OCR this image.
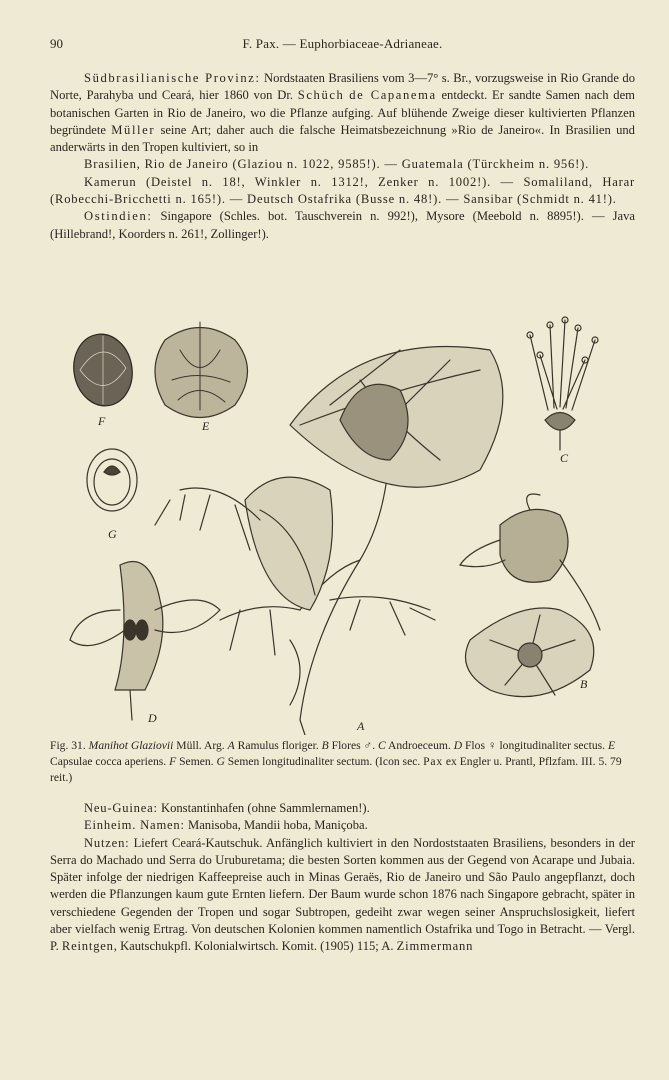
90	F. Pax. — Euphorbiaceae-Adrianeae.

Südbrasilianische Provinz: Nordstaaten Brasiliens vom 3—7° s. Br., vorzugsweise in Rio Grande do Norte, Parahyba und Ceará, hier 1860 von Dr. Schüch de Capanema entdeckt. Er sandte Samen nach dem botanischen Garten in Rio de Janeiro, wo die Pflanze aufging. Auf blühende Zweige dieser kultivierten Pflanzen begründete Müller seine Art; daher auch die falsche Heimatsbezeichnung »Rio de Janeiro«. In Brasilien und anderwärts in den Tropen kultiviert, so in

Brasilien, Rio de Janeiro (Glaziou n. 1022, 9585!). — Guatemala (Türckheim n. 956!).

Kamerun (Deistel n. 18!, Winkler n. 1312!, Zenker n. 1002!). — Somaliland, Harar (Robecchi-Bricchetti n. 165!). — Deutsch Ostafrika (Busse n. 48!). — Sansibar (Schmidt n. 41!).

Ostindien: Singapore (Schles. bot. Tauschverein n. 992!), Mysore (Meebold n. 8895!). — Java (Hillebrand!, Koorders n. 261!, Zollinger!).

F	E
C
G
D
A
B
Fig. 31. Manihot Glaziovii Müll. Arg. A Ramulus floriger. B Flores ♂. C Androeceum. D Flos ♀ longitudinaliter sectus. E Capsulae cocca aperiens. F Semen. G Semen longitudinaliter sectum. (Icon sec. Pax ex Engler u. Prantl, Pflzfam. III. 5. 79 reit.)

Neu-Guinea: Konstantinhafen (ohne Sammlernamen!).

Einheim. Namen: Manisoba, Mandii hoba, Maniçoba.

Nutzen: Liefert Ceará-Kautschuk. Anfänglich kultiviert in den Nordoststaaten Brasiliens, besonders in der Serra do Machado und Serra do Uruburetama; die besten Sorten kommen aus der Gegend von Acarape und Jubaia. Später infolge der niedrigen Kaffeepreise auch in Minas Geraës, Rio de Janeiro und São Paulo angepflanzt, doch werden die Pflanzungen kaum gute Ernten liefern. Der Baum wurde schon 1876 nach Singapore gebracht, später in verschiedene Gegenden der Tropen und sogar Subtropen, gedeiht zwar wegen seiner Anspruchslosigkeit, liefert aber vielfach wenig Ertrag. Von deutschen Kolonien kommen namentlich Ostafrika und Togo in Betracht. — Vergl. P. Reintgen, Kautschukpfl. Kolonialwirtsch. Komit. (1905) 115; A. Zimmermann
